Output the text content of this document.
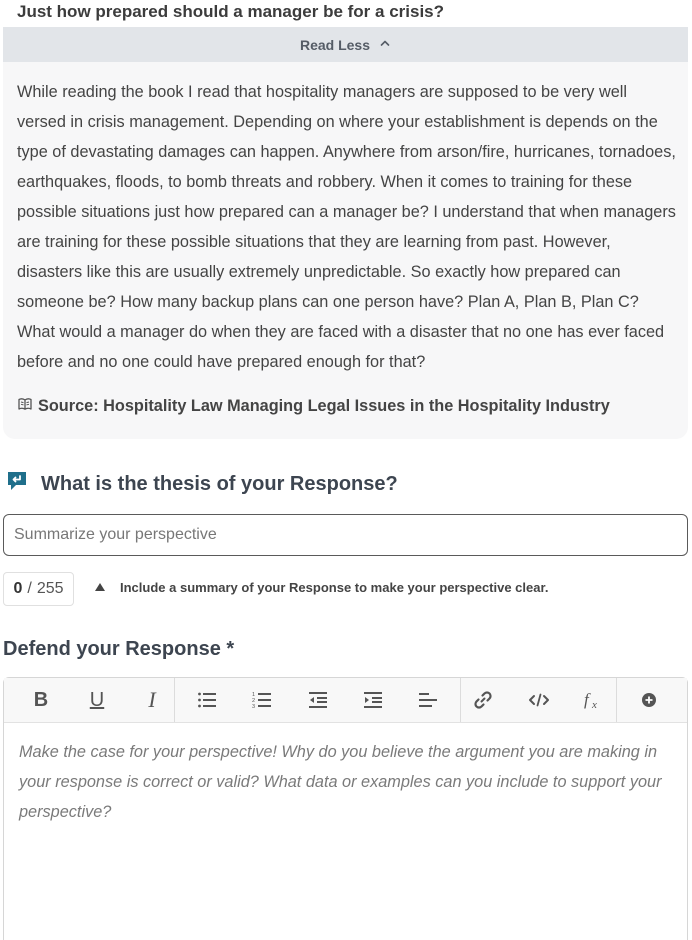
Just how prepared should a manager be for a crisis?
Read Less
While reading the book I read that hospitality managers are supposed to be very well versed in crisis management. Depending on where your establishment is depends on the type of devastating damages can happen. Anywhere from arson/fire, hurricanes, tornadoes, earthquakes, floods, to bomb threats and robbery. When it comes to training for these possible situations just how prepared can a manager be? I understand that when managers are training for these possible situations that they are learning from past. However, disasters like this are usually extremely unpredictable. So exactly how prepared can someone be? How many backup plans can one person have? Plan A, Plan B, Plan C? What would a manager do when they are faced with a disaster that no one has ever faced before and no one could have prepared enough for that?
Source: Hospitality Law Managing Legal Issues in the Hospitality Industry
What is the thesis of your Response?
Summarize your perspective
0 / 255	Include a summary of your Response to make your perspective clear.
Defend your Response *
B U I	1
2
3	f x
Make the case for your perspective! Why do you believe the argument you are making in your response is correct or valid? What data or examples can you include to support your perspective?
